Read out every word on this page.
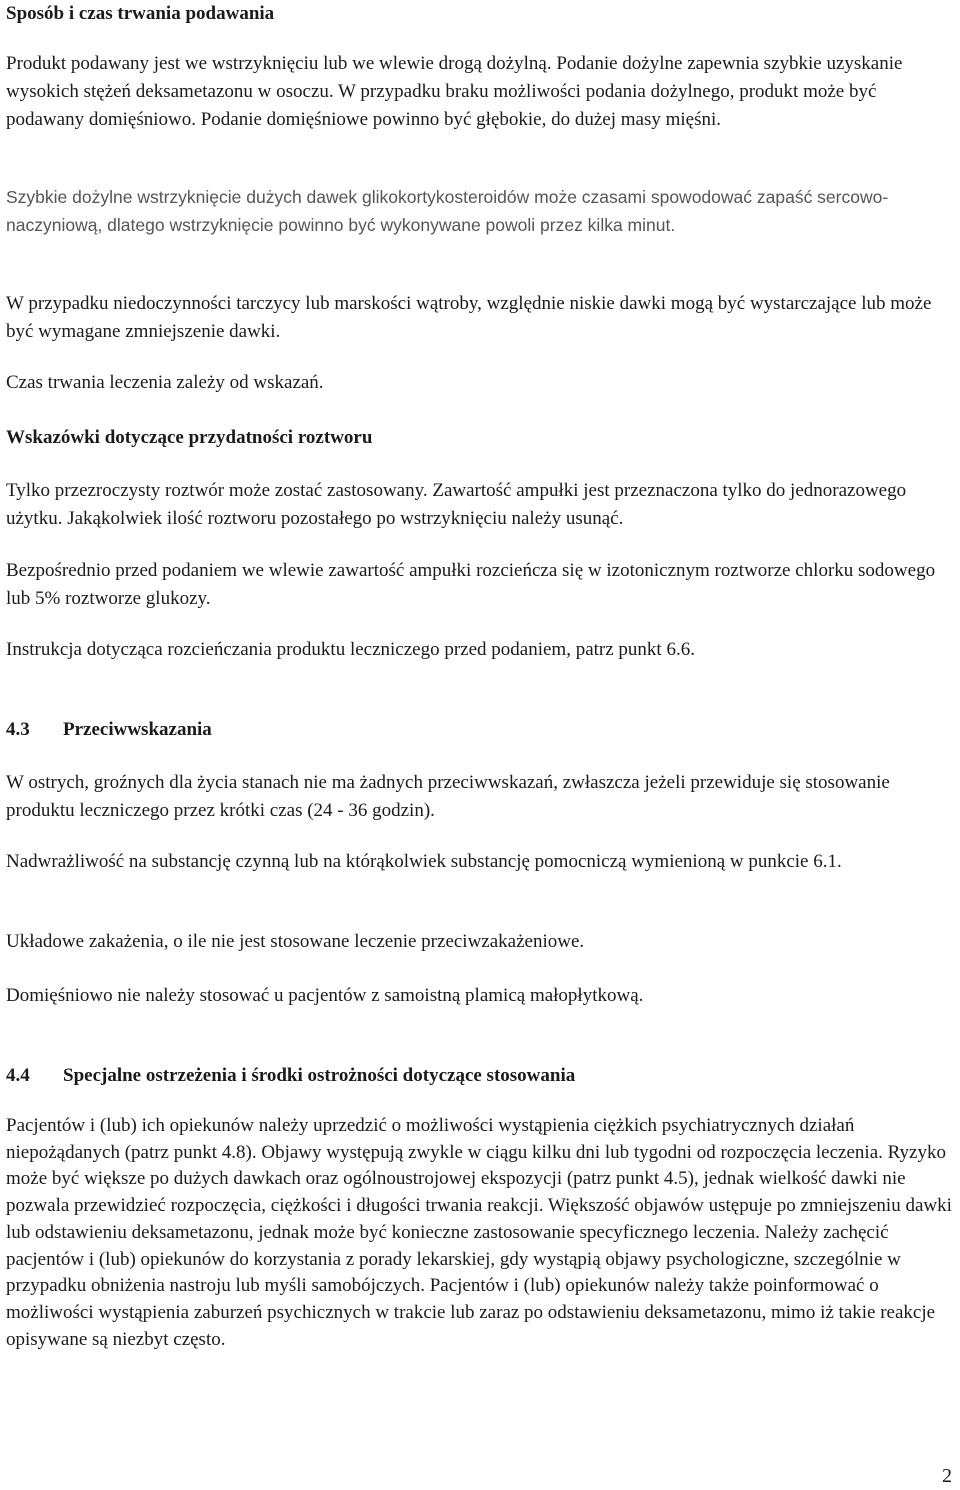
Sposób i czas trwania podawania

Produkt podawany jest we wstrzyknięciu lub we wlewie drogą dożylną. Podanie dożylne zapewnia szybkie uzyskanie wysokich stężeń deksametazonu w osoczu. W przypadku braku możliwości podania dożylnego, produkt może być podawany domięśniowo. Podanie domięśniowe powinno być głębokie, do dużej masy mięśni.

Szybkie dożylne wstrzyknięcie dużych dawek glikokortykosteroidów może czasami spowodować zapaść sercowo-naczyniową, dlatego wstrzyknięcie powinno być wykonywane powoli przez kilka minut.

W przypadku niedoczynności tarczycy lub marskości wątroby, względnie niskie dawki mogą być wystarczające lub może być wymagane zmniejszenie dawki.

Czas trwania leczenia zależy od wskazań.

Wskazówki dotyczące przydatności roztworu

Tylko przezroczysty roztwór może zostać zastosowany. Zawartość ampułki jest przeznaczona tylko do jednorazowego użytku. Jakąkolwiek ilość roztworu pozostałego po wstrzyknięciu należy usunąć.

Bezpośrednio przed podaniem we wlewie zawartość ampułki rozcieńcza się w izotonicznym roztworze chlorku sodowego lub 5% roztworze glukozy.

Instrukcja dotycząca rozcieńczania produktu leczniczego przed podaniem, patrz punkt 6.6.

4.3	Przeciwwskazania

W ostrych, groźnych dla życia stanach nie ma żadnych przeciwwskazań, zwłaszcza jeżeli przewiduje się stosowanie produktu leczniczego przez krótki czas (24 - 36 godzin).

Nadwrażliwość na substancję czynną lub na którąkolwiek substancję pomocniczą wymienioną w punkcie 6.1.

Układowe zakażenia, o ile nie jest stosowane leczenie przeciwzakażeniowe.

Domięśniowo nie należy stosować u pacjentów z samoistną plamicą małopłytkową.

4.4	Specjalne ostrzeżenia i środki ostrożności dotyczące stosowania

Pacjentów i (lub) ich opiekunów należy uprzedzić o możliwości wystąpienia ciężkich psychiatrycznych działań niepożądanych (patrz punkt 4.8). Objawy występują zwykle w ciągu kilku dni lub tygodni od rozpoczęcia leczenia. Ryzyko może być większe po dużych dawkach oraz ogólnoustrojowej ekspozycji (patrz punkt 4.5), jednak wielkość dawki nie pozwala przewidzieć rozpoczęcia, ciężkości i długości trwania reakcji. Większość objawów ustępuje po zmniejszeniu dawki lub odstawieniu deksametazonu, jednak może być konieczne zastosowanie specyficznego leczenia. Należy zachęcić pacjentów i (lub) opiekunów do korzystania z porady lekarskiej, gdy wystąpią objawy psychologiczne, szczególnie w przypadku obniżenia nastroju lub myśli samobójczych. Pacjentów i (lub) opiekunów należy także poinformować o możliwości wystąpienia zaburzeń psychicznych w trakcie lub zaraz po odstawieniu deksametazonu, mimo iż takie reakcje opisywane są niezbyt często.

2
